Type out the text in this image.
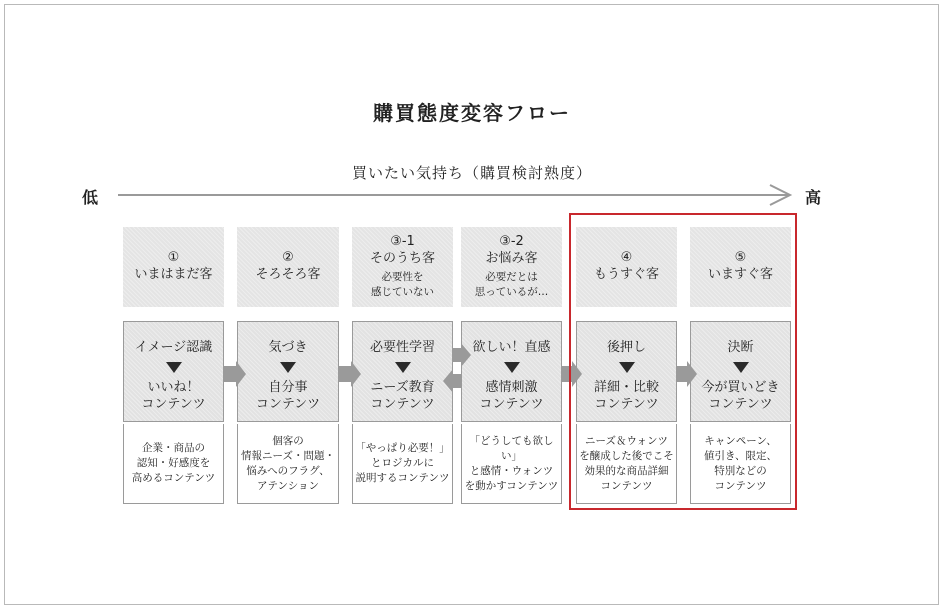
購買態度変容フロー
買いたい気持ち（購買検討熟度）
低	高
①
いまはまだ客
イメージ認識
いいね！
コンテンツ
企業・商品の
認知・好感度を
高めるコンテンツ
②
そろそろ客
気づき
自分事
コンテンツ
個客の
情報ニーズ・問題・
悩みへのフラグ、
アテンション
③-1
そのうち客
必要性を
感じていない
必要性学習
ニーズ教育
コンテンツ
「やっぱり必要！」
とロジカルに
説明するコンテンツ
③-2
お悩み客
必要だとは
思っているが…
欲しい！直感
感情刺激
コンテンツ
「どうしても欲しい」
と感情・ウォンツ
を動かすコンテンツ
④
もうすぐ客
後押し
詳細・比較
コンテンツ
ニーズ＆ウォンツ
を醸成した後でこそ
効果的な商品詳細
コンテンツ
⑤
いますぐ客
決断
今が買いどき
コンテンツ
キャンペーン、
値引き、限定、
特別などの
コンテンツ
